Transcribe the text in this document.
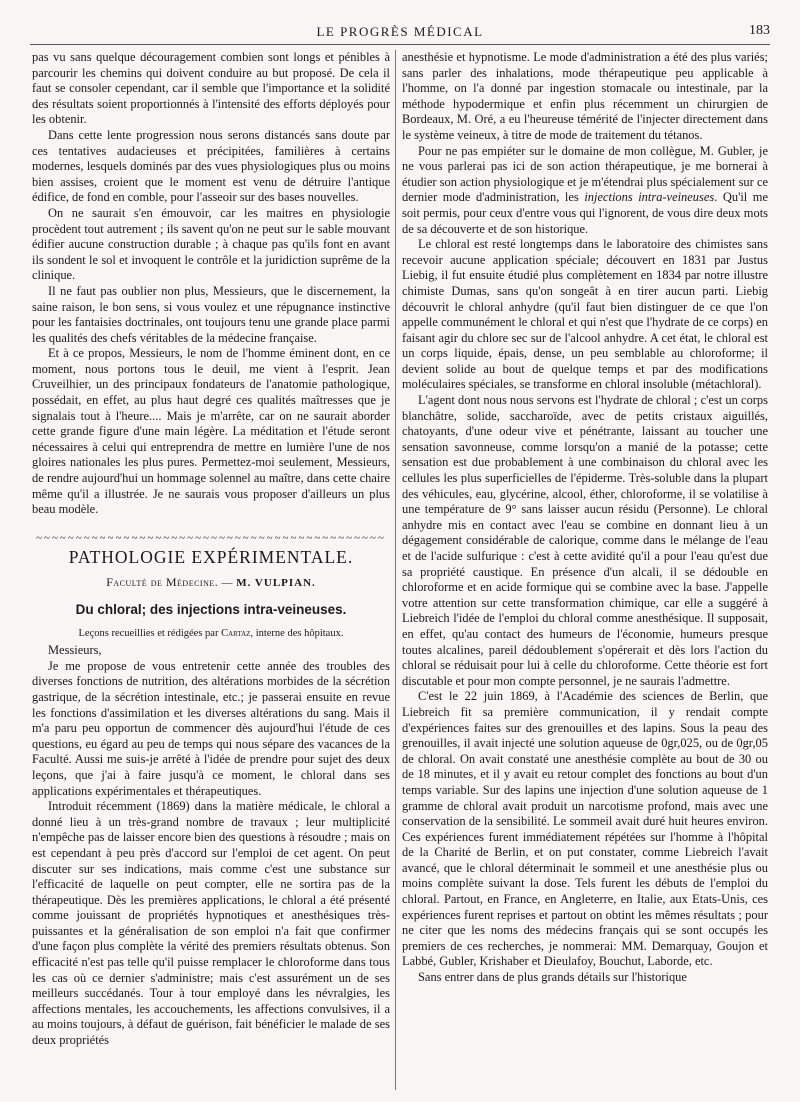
LE PROGRÈS MÉDICAL	183

pas vu sans quelque découragement combien sont longs et pénibles à parcourir les chemins qui doivent conduire au but proposé. De cela il faut se consoler cependant, car il semble que l'importance et la solidité des résultats soient proportionnés à l'intensité des efforts déployés pour les obtenir.

Dans cette lente progression nous serons distancés sans doute par ces tentatives audacieuses et précipitées, familières à certains modernes, lesquels dominés par des vues physiologiques plus ou moins bien assises, croient que le moment est venu de détruire l'antique édifice, de fond en comble, pour l'asseoir sur des bases nouvelles.

On ne saurait s'en émouvoir, car les maitres en physiologie procèdent tout autrement ; ils savent qu'on ne peut sur le sable mouvant édifier aucune construction durable ; à chaque pas qu'ils font en avant ils sondent le sol et invoquent le contrôle et la juridiction suprême de la clinique.

Il ne faut pas oublier non plus, Messieurs, que le discernement, la saine raison, le bon sens, si vous voulez et une répugnance instinctive pour les fantaisies doctrinales, ont toujours tenu une grande place parmi les qualités des chefs véritables de la médecine française.

Et à ce propos, Messieurs, le nom de l'homme éminent dont, en ce moment, nous portons tous le deuil, me vient à l'esprit. Jean Cruveilhier, un des principaux fondateurs de l'anatomie pathologique, possédait, en effet, au plus haut degré ces qualités maîtresses que je signalais tout à l'heure.... Mais je m'arrête, car on ne saurait aborder cette grande figure d'une main légère. La méditation et l'étude seront nécessaires à celui qui entreprendra de mettre en lumière l'une de nos gloires nationales les plus pures. Permettez-moi seulement, Messieurs, de rendre aujourd'hui un hommage solennel au maître, dans cette chaire même qu'il a illustrée. Je ne saurais vous proposer d'ailleurs un plus beau modèle.

~~~~~~~~~~~~~~~~~~~~~~~~~~~~~~~~~~~~~~~~~~~~
PATHOLOGIE EXPÉRIMENTALE.
Faculté de Médecine. — M. VULPIAN.
Du chloral; des injections intra-veineuses.
Leçons recueillies et rédigées par Cartaz, interne des hôpitaux.

Messieurs,

Je me propose de vous entretenir cette année des troubles des diverses fonctions de nutrition, des altérations morbides de la sécrétion gastrique, de la sécrétion intestinale, etc.; je passerai ensuite en revue les fonctions d'assimilation et les diverses altérations du sang. Mais il m'a paru peu opportun de commencer dès aujourd'hui l'étude de ces questions, eu égard au peu de temps qui nous sépare des vacances de la Faculté. Aussi me suis-je arrêté à l'idée de prendre pour sujet des deux leçons, que j'ai à faire jusqu'à ce moment, le chloral dans ses applications expérimentales et thérapeutiques.

Introduit récemment (1869) dans la matière médicale, le chloral a donné lieu à un très-grand nombre de travaux ; leur multiplicité n'empêche pas de laisser encore bien des questions à résoudre ; mais on est cependant à peu près d'accord sur l'emploi de cet agent. On peut discuter sur ses indications, mais comme c'est une substance sur l'efficacité de laquelle on peut compter, elle ne sortira pas de la thérapeutique. Dès les premières applications, le chloral a été présenté comme jouissant de propriétés hypnotiques et anesthésiques très-puissantes et la généralisation de son emploi n'a fait que confirmer d'une façon plus complète la vérité des premiers résultats obtenus. Son efficacité n'est pas telle qu'il puisse remplacer le chloroforme dans tous les cas où ce dernier s'administre; mais c'est assurément un de ses meilleurs succédanés. Tour à tour employé dans les névralgies, les affections mentales, les accouchements, les affections convulsives, il a au moins toujours, à défaut de guérison, fait bénéficier le malade de ses deux propriétés

anesthésie et hypnotisme. Le mode d'administration a été des plus variés; sans parler des inhalations, mode thérapeutique peu applicable à l'homme, on l'a donné par ingestion stomacale ou intestinale, par la méthode hypodermique et enfin plus récemment un chirurgien de Bordeaux, M. Oré, a eu l'heureuse témérité de l'injecter directement dans le système veineux, à titre de mode de traitement du tétanos.

Pour ne pas empiéter sur le domaine de mon collègue, M. Gubler, je ne vous parlerai pas ici de son action thérapeutique, je me bornerai à étudier son action physiologique et je m'étendrai plus spécialement sur ce dernier mode d'administration, les injections intra-veineuses. Qu'il me soit permis, pour ceux d'entre vous qui l'ignorent, de vous dire deux mots de sa découverte et de son historique.

Le chloral est resté longtemps dans le laboratoire des chimistes sans recevoir aucune application spéciale; découvert en 1831 par Justus Liebig, il fut ensuite étudié plus complètement en 1834 par notre illustre chimiste Dumas, sans qu'on songeât à en tirer aucun parti. Liebig découvrit le chloral anhydre (qu'il faut bien distinguer de ce que l'on appelle communément le chloral et qui n'est que l'hydrate de ce corps) en faisant agir du chlore sec sur de l'alcool anhydre. A cet état, le chloral est un corps liquide, épais, dense, un peu semblable au chloroforme; il devient solide au bout de quelque temps et par des modifications moléculaires spéciales, se transforme en chloral insoluble (métachloral).

L'agent dont nous nous servons est l'hydrate de chloral ; c'est un corps blanchâtre, solide, saccharoïde, avec de petits cristaux aiguillés, chatoyants, d'une odeur vive et pénétrante, laissant au toucher une sensation savonneuse, comme lorsqu'on a manié de la potasse; cette sensation est due probablement à une combinaison du chloral avec les cellules les plus superficielles de l'épiderme. Très-soluble dans la plupart des véhicules, eau, glycérine, alcool, éther, chloroforme, il se volatilise à une température de 9° sans laisser aucun résidu (Personne). Le chloral anhydre mis en contact avec l'eau se combine en donnant lieu à un dégagement considérable de calorique, comme dans le mélange de l'eau et de l'acide sulfurique : c'est à cette avidité qu'il a pour l'eau qu'est due sa propriété caustique. En présence d'un alcali, il se dédouble en chloroforme et en acide formique qui se combine avec la base. J'appelle votre attention sur cette transformation chimique, car elle a suggéré à Liebreich l'idée de l'emploi du chloral comme anesthésique. Il supposait, en effet, qu'au contact des humeurs de l'économie, humeurs presque toutes alcalines, pareil dédoublement s'opérerait et dès lors l'action du chloral se réduisait pour lui à celle du chloroforme. Cette théorie est fort discutable et pour mon compte personnel, je ne saurais l'admettre.

C'est le 22 juin 1869, à l'Académie des sciences de Berlin, que Liebreich fit sa première communication, il y rendait compte d'expériences faites sur des grenouilles et des lapins. Sous la peau des grenouilles, il avait injecté une solution aqueuse de 0gr,025, ou de 0gr,05 de chloral. On avait constaté une anesthésie complète au bout de 30 ou de 18 minutes, et il y avait eu retour complet des fonctions au bout d'un temps variable. Sur des lapins une injection d'une solution aqueuse de 1 gramme de chloral avait produit un narcotisme profond, mais avec une conservation de la sensibilité. Le sommeil avait duré huit heures environ. Ces expériences furent immédiatement répétées sur l'homme à l'hôpital de la Charité de Berlin, et on put constater, comme Liebreich l'avait avancé, que le chloral déterminait le sommeil et une anesthésie plus ou moins complète suivant la dose. Tels furent les débuts de l'emploi du chloral. Partout, en France, en Angleterre, en Italie, aux Etats-Unis, ces expériences furent reprises et partout on obtint les mêmes résultats ; pour ne citer que les noms des médecins français qui se sont occupés les premiers de ces recherches, je nommerai: MM. Demarquay, Goujon et Labbé, Gubler, Krishaber et Dieulafoy, Bouchut, Laborde, etc.

Sans entrer dans de plus grands détails sur l'historique
